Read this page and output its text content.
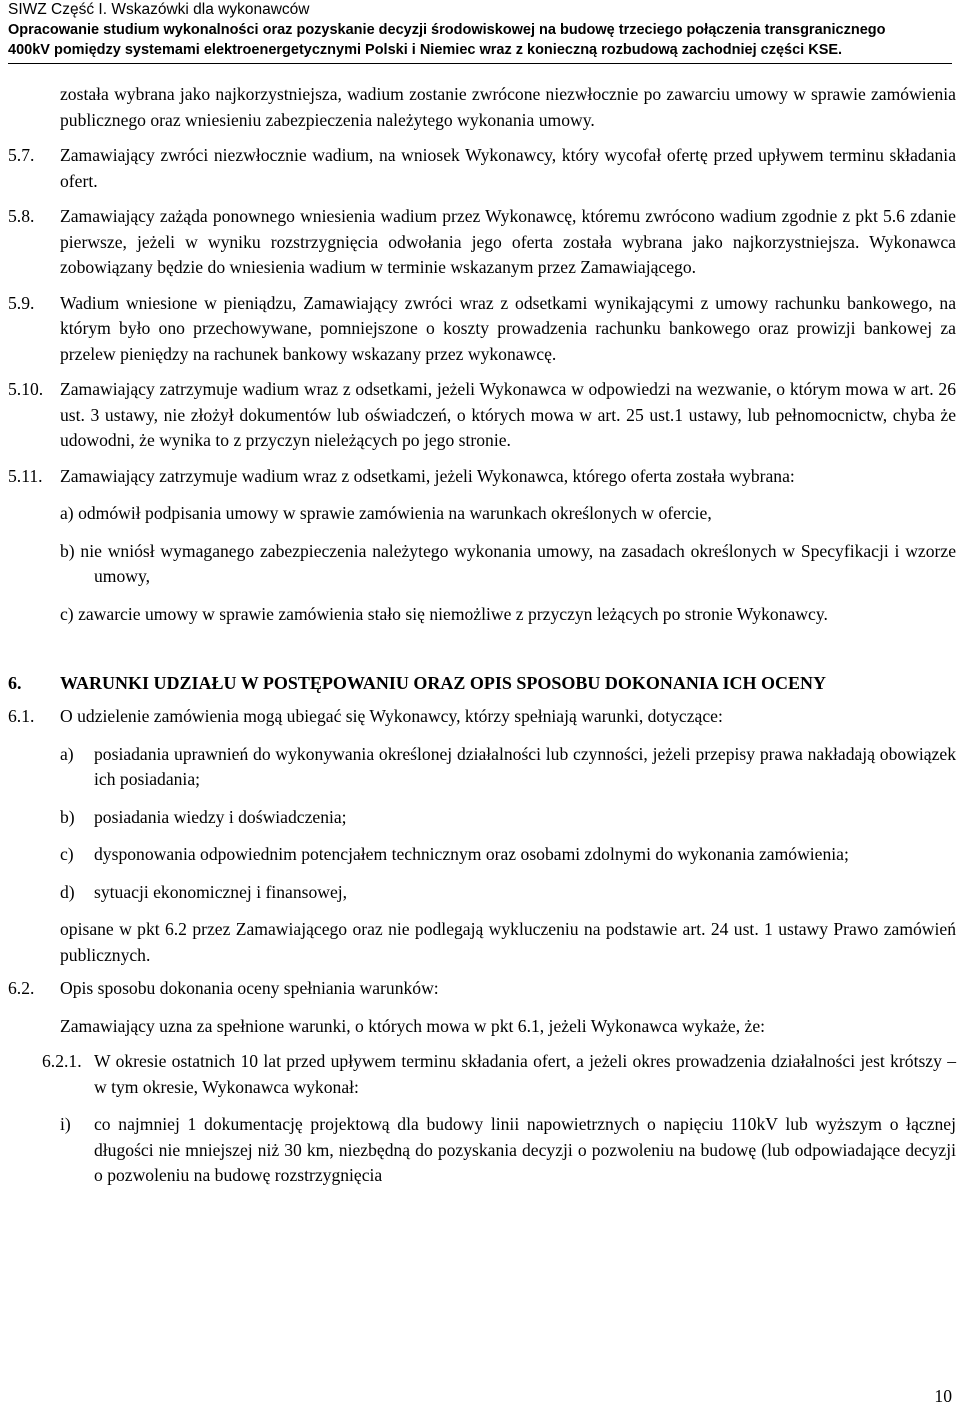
SIWZ Część I. Wskazówki dla wykonawców
Opracowanie studium wykonalności oraz pozyskanie decyzji środowiskowej na budowę trzeciego połączenia transgranicznego
400kV pomiędzy systemami elektroenergetycznymi Polski i Niemiec wraz z konieczną rozbudową zachodniej części KSE.

została wybrana jako najkorzystniejsza, wadium zostanie zwrócone niezwłocznie po zawarciu umowy w sprawie zamówienia publicznego oraz wniesieniu zabezpieczenia należytego wykonania umowy.

5.7.	Zamawiający zwróci niezwłocznie wadium, na wniosek Wykonawcy, który wycofał ofertę przed upływem terminu składania ofert.
5.8.	Zamawiający zażąda ponownego wniesienia wadium przez Wykonawcę, któremu zwrócono wadium zgodnie z pkt 5.6 zdanie pierwsze, jeżeli w wyniku rozstrzygnięcia odwołania jego oferta została wybrana jako najkorzystniejsza. Wykonawca zobowiązany będzie do wniesienia wadium w terminie wskazanym przez Zamawiającego.
5.9.	Wadium wniesione w pieniądzu, Zamawiający zwróci wraz z odsetkami wynikającymi z umowy rachunku bankowego, na którym było ono przechowywane, pomniejszone o koszty prowadzenia rachunku bankowego oraz prowizji bankowej za przelew pieniędzy na rachunek bankowy wskazany przez wykonawcę.
5.10. Zamawiający zatrzymuje wadium wraz z odsetkami, jeżeli Wykonawca w odpowiedzi na wezwanie, o którym mowa w art. 26 ust. 3 ustawy, nie złożył dokumentów lub oświadczeń, o których mowa w art. 25 ust.1 ustawy, lub pełnomocnictw, chyba że udowodni, że wynika to z przyczyn nieleżących po jego stronie.
5.11. Zamawiający zatrzymuje wadium wraz z odsetkami, jeżeli Wykonawca, którego oferta została wybrana:

a) odmówił podpisania umowy w sprawie zamówienia na warunkach określonych w ofercie,

b) nie wniósł wymaganego zabezpieczenia należytego wykonania umowy, na zasadach określonych w Specyfikacji i wzorze umowy,

c) zawarcie umowy w sprawie zamówienia stało się niemożliwe z przyczyn leżących po stronie Wykonawcy.

6.	WARUNKI UDZIAŁU W POSTĘPOWANIU ORAZ OPIS SPOSOBU DOKONANIA ICH OCENY
6.1.	O udzielenie zamówienia mogą ubiegać się Wykonawcy, którzy spełniają warunki, dotyczące:
a)	posiadania uprawnień do wykonywania określonej działalności lub czynności, jeżeli przepisy prawa nakładają obowiązek ich posiadania;
b)	posiadania wiedzy i doświadczenia;
c)	dysponowania odpowiednim potencjałem technicznym oraz osobami zdolnymi do wykonania zamówienia;
d)	sytuacji ekonomicznej i finansowej,

opisane w pkt 6.2 przez Zamawiającego oraz nie podlegają wykluczeniu na podstawie art. 24 ust. 1 ustawy Prawo zamówień publicznych.

6.2.	Opis sposobu dokonania oceny spełniania warunków:

Zamawiający uzna za spełnione warunki, o których mowa w pkt 6.1, jeżeli Wykonawca wykaże, że:

6.2.1. W okresie ostatnich 10 lat przed upływem terminu składania ofert, a jeżeli okres prowadzenia działalności jest krótszy – w tym okresie, Wykonawca wykonał:
i)	co najmniej 1 dokumentację projektową dla budowy linii napowietrznych o napięciu 110kV lub wyższym o łącznej długości nie mniejszej niż 30 km, niezbędną do pozyskania decyzji o pozwoleniu na budowę (lub odpowiadające decyzji o pozwoleniu na budowę rozstrzygnięcia
10
